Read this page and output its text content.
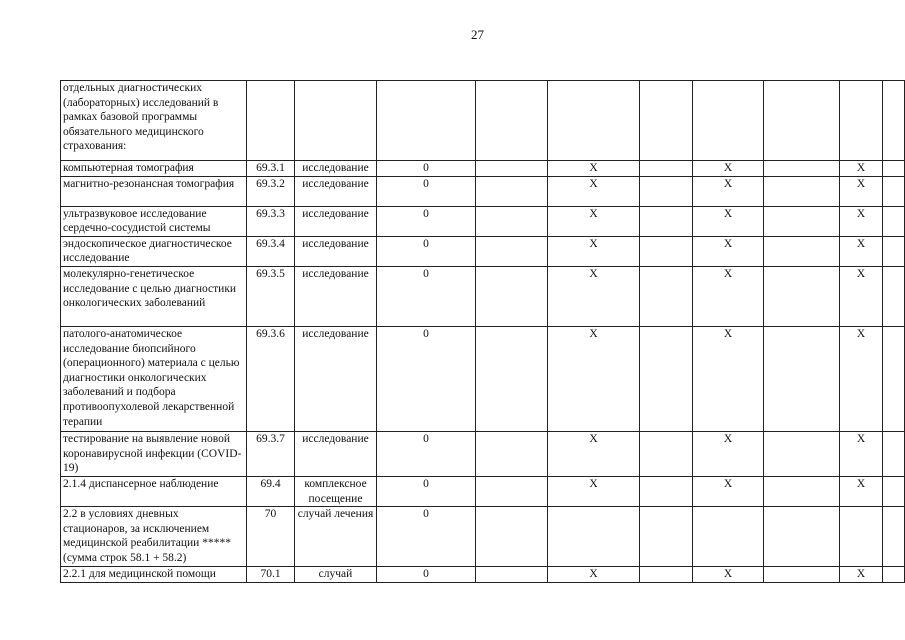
27
отдельных диагностических (лабораторных) исследований в рамках базовой программы обязательного медицинского страхования:										
компьютерная томография	69.3.1	исследование	0		X		X		X	
магнитно-резонансная томография	69.3.2	исследование	0		X		X		X	
ультразвуковое исследование сердечно-сосудистой системы	69.3.3	исследование	0		X		X		X	
эндоскопическое диагностическое исследование	69.3.4	исследование	0		X		X		X	
молекулярно-генетическое исследование с целью диагностики онкологических заболеваний	69.3.5	исследование	0		X		X		X	
патолого-анатомическое исследование биопсийного (операционного) материала с целью диагностики онкологических заболеваний и подбора противоопухолевой лекарственной терапии	69.3.6	исследование	0		X		X		X	
тестирование на выявление новой коронавирусной инфекции (COVID-19)	69.3.7	исследование	0		X		X		X	
2.1.4 диспансерное наблюдение	69.4	комплексное посещение	0		X		X		X	
2.2 в условиях дневных стационаров, за исключением медицинской реабилитации ***** (сумма строк 58.1 + 58.2)	70	случай лечения	0							
2.2.1 для медицинской помощи	70.1	случай	0		X		X		X	
